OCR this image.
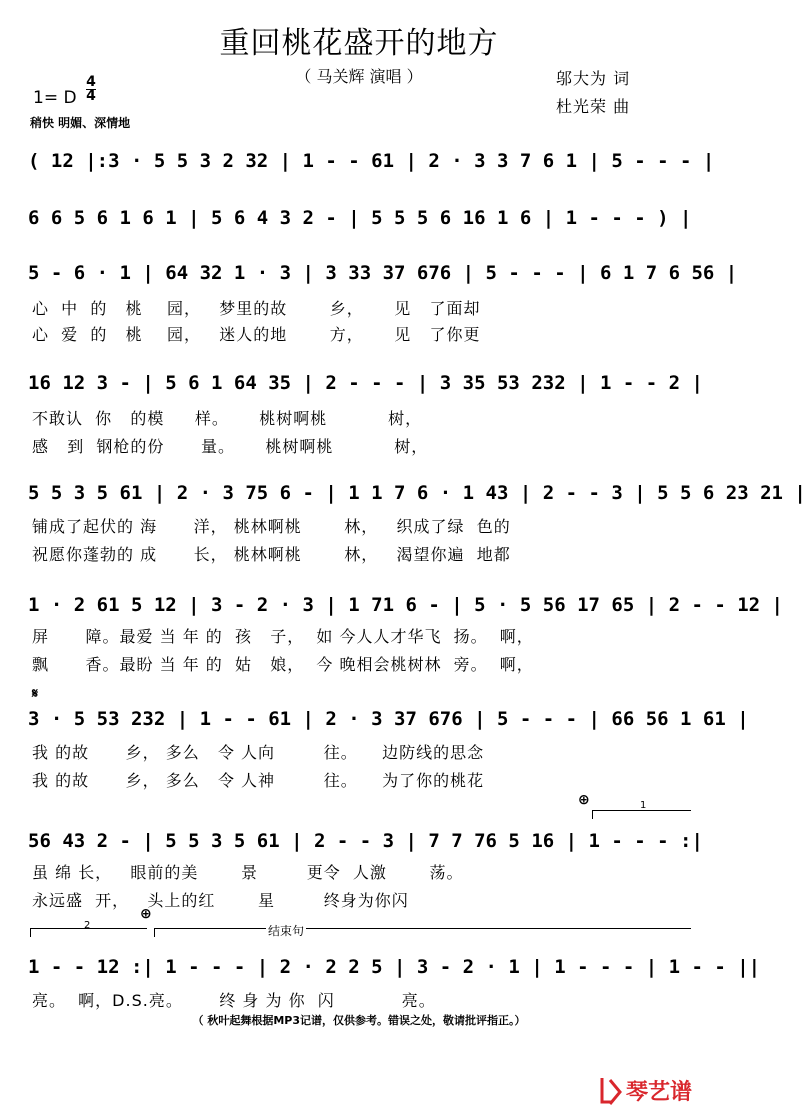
重回桃花盛开的地方
（ 马关辉 演唱 ）	邬大为 词
杜光荣 曲
1= D
4
4
稍快 明媚、深情地
( 12 |:3 · 5 5 3 2 32 | 1 - - 61 | 2 · 3 3 7 6 1 | 5 - - - |
6 6 5 6 1 6 1 | 5 6 4 3 2 - | 5 5 5 6 16 1 6 | 1 - - - ) |
5 - 6 · 1 | 64 32 1 · 3 | 3 33 37 676 | 5 - - - | 6 1 7 6 56 |
心  中  的   桃    园，   梦里的故       乡，     见   了面却
心  爱  的   桃    园，   迷人的地       方，     见   了你更
16 12 3 - | 5 6 1 64 35 | 2 - - - | 3 35 53 232 | 1 - - 2 |
不敢认  你   的模     样。     桃树啊桃          树，
感   到  钢枪的份      量。     桃树啊桃          树，
5 5 3 5 61 | 2 · 3 75 6 - | 1 1 7 6 · 1 43 | 2 - - 3 | 5 5 6 23 21 |
铺成了起伏的 海      洋， 桃林啊桃       林，   织成了绿  色的
祝愿你蓬勃的 成      长， 桃林啊桃       林，   渴望你遍  地都
1 · 2 61 5 12 | 3 - 2 · 3 | 1 71 6 - | 5 · 5 56 17 65 | 2 - - 12 |
屏      障。最爱 当 年 的  孩   子，  如 今人人才华飞  扬。  啊，
飘      香。最盼 当 年 的  姑   娘，  今 晚相会桃树林  旁。  啊，
𝄋
3 · 5 53 232 | 1 - - 61 | 2 · 3 37 676 | 5 - - - | 66 56 1 61 |
我 的故      乡， 多么   令 人向        往。    边防线的思念
我 的故      乡， 多么   令 人神        往。    为了你的桃花
⊕	1
56 43 2 - | 5 5 3 5 61 | 2 - - 3 | 7 7 76 5 16 | 1 - - - :|
虽 绵 长，   眼前的美       景        更令  人激       荡。
永远盛  开，   头上的红       星        终身为你闪
2
⊕
结束句
1 - - 12 :| 1 - - - | 2 · 2 2 5 | 3 - 2 · 1 | 1 - - - | 1 - - ||
亮。  啊，D.S.亮。      终 身 为 你  闪           亮。
（ 秋叶起舞根据MP3记谱，仅供参考。错误之处，敬请批评指正。）
琴艺谱
